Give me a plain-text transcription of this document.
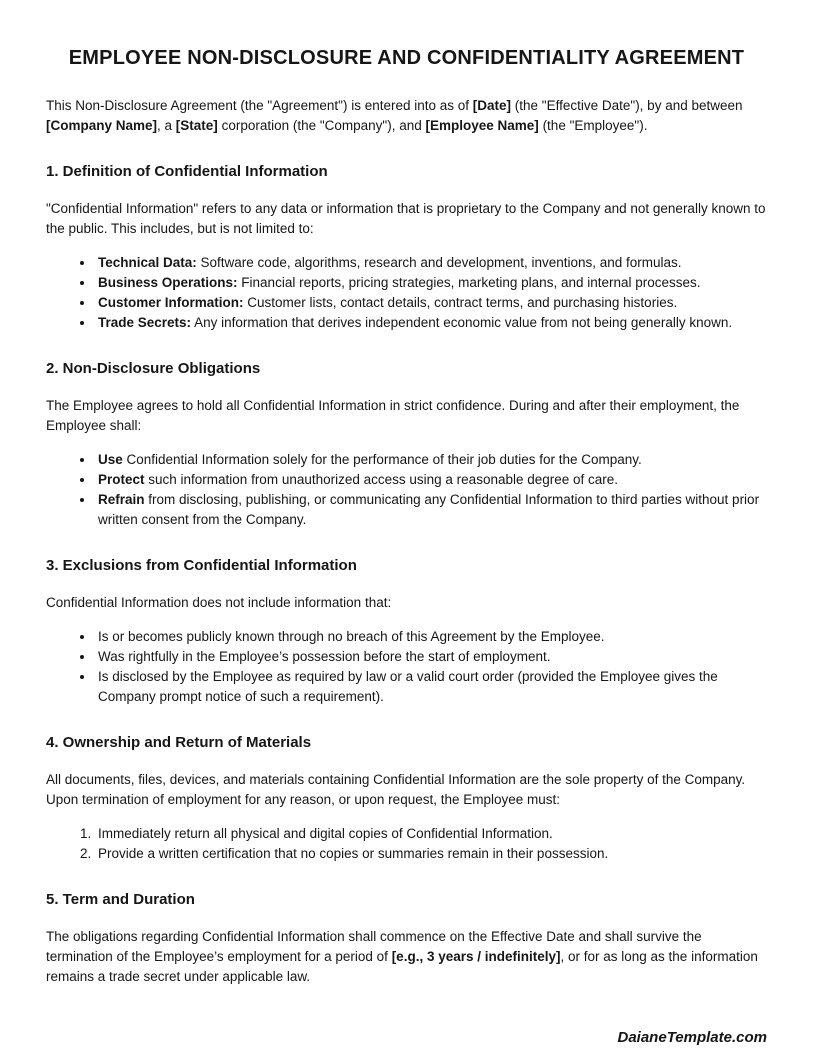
EMPLOYEE NON-DISCLOSURE AND CONFIDENTIALITY AGREEMENT

This Non-Disclosure Agreement (the "Agreement") is entered into as of [Date] (the "Effective Date"), by and between [Company Name], a [State] corporation (the "Company"), and [Employee Name] (the "Employee").

1. Definition of Confidential Information

"Confidential Information" refers to any data or information that is proprietary to the Company and not generally known to the public. This includes, but is not limited to:

• Technical Data: Software code, algorithms, research and development, inventions, and formulas.
• Business Operations: Financial reports, pricing strategies, marketing plans, and internal processes.
• Customer Information: Customer lists, contact details, contract terms, and purchasing histories.
• Trade Secrets: Any information that derives independent economic value from not being generally known.
2. Non-Disclosure Obligations

The Employee agrees to hold all Confidential Information in strict confidence. During and after their employment, the Employee shall:

• Use Confidential Information solely for the performance of their job duties for the Company.
• Protect such information from unauthorized access using a reasonable degree of care.
• Refrain from disclosing, publishing, or communicating any Confidential Information to third parties without prior written consent from the Company.
3. Exclusions from Confidential Information

Confidential Information does not include information that:

• Is or becomes publicly known through no breach of this Agreement by the Employee.
• Was rightfully in the Employee’s possession before the start of employment.
• Is disclosed by the Employee as required by law or a valid court order (provided the Employee gives the Company prompt notice of such a requirement).
4. Ownership and Return of Materials

All documents, files, devices, and materials containing Confidential Information are the sole property of the Company. Upon termination of employment for any reason, or upon request, the Employee must:

1. Immediately return all physical and digital copies of Confidential Information.
2. Provide a written certification that no copies or summaries remain in their possession.
5. Term and Duration

The obligations regarding Confidential Information shall commence on the Effective Date and shall survive the termination of the Employee’s employment for a period of [e.g., 3 years / indefinitely], or for as long as the information remains a trade secret under applicable law.

DaianeTemplate.com
